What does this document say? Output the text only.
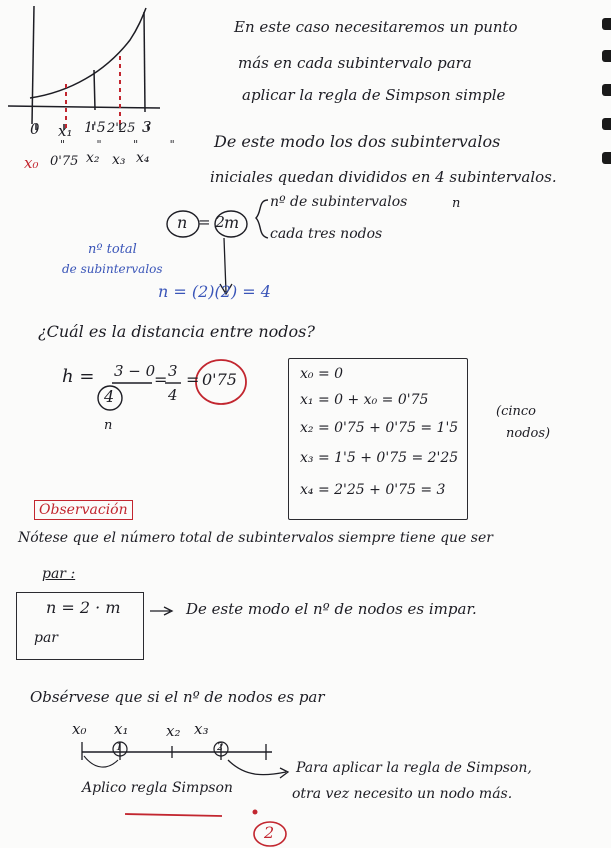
0 x₁ 1'5 2'25 3
" " " "
x₀ 0'75 x₂ x₃ x₄
En este caso necesitaremos un punto
más en cada subintervalo para
aplicar la regla de Simpson simple
De este modo los dos subintervalos
iniciales quedan divididos en 4 subintervalos.
n
n = 2 m
nº de subintervalos
cada tres nodos
nº total
de subintervalos
n = (2)(2) = 4
¿Cuál es la distancia entre nodos?
h = 3 − 0
4
= 3
4
= 0'75
n
x₀ = 0
x₁ = 0 + x₀ = 0'75
x₂ = 0'75 + 0'75 = 1'5
x₃ = 1'5 + 0'75 = 2'25
x₄ = 2'25 + 0'75 = 3
(cinco
nodos)
Observación
Nótese que el número total de subintervalos siempre tiene que ser
par :
n = 2 · m
par
De este modo el nº de nodos es impar.
Obsérvese que si el nº de nodos es par
x₀ x₁	x₂ x₃
1	2
Aplico regla Simpson
Para aplicar la regla de Simpson,
otra vez necesito un nodo más.
2
